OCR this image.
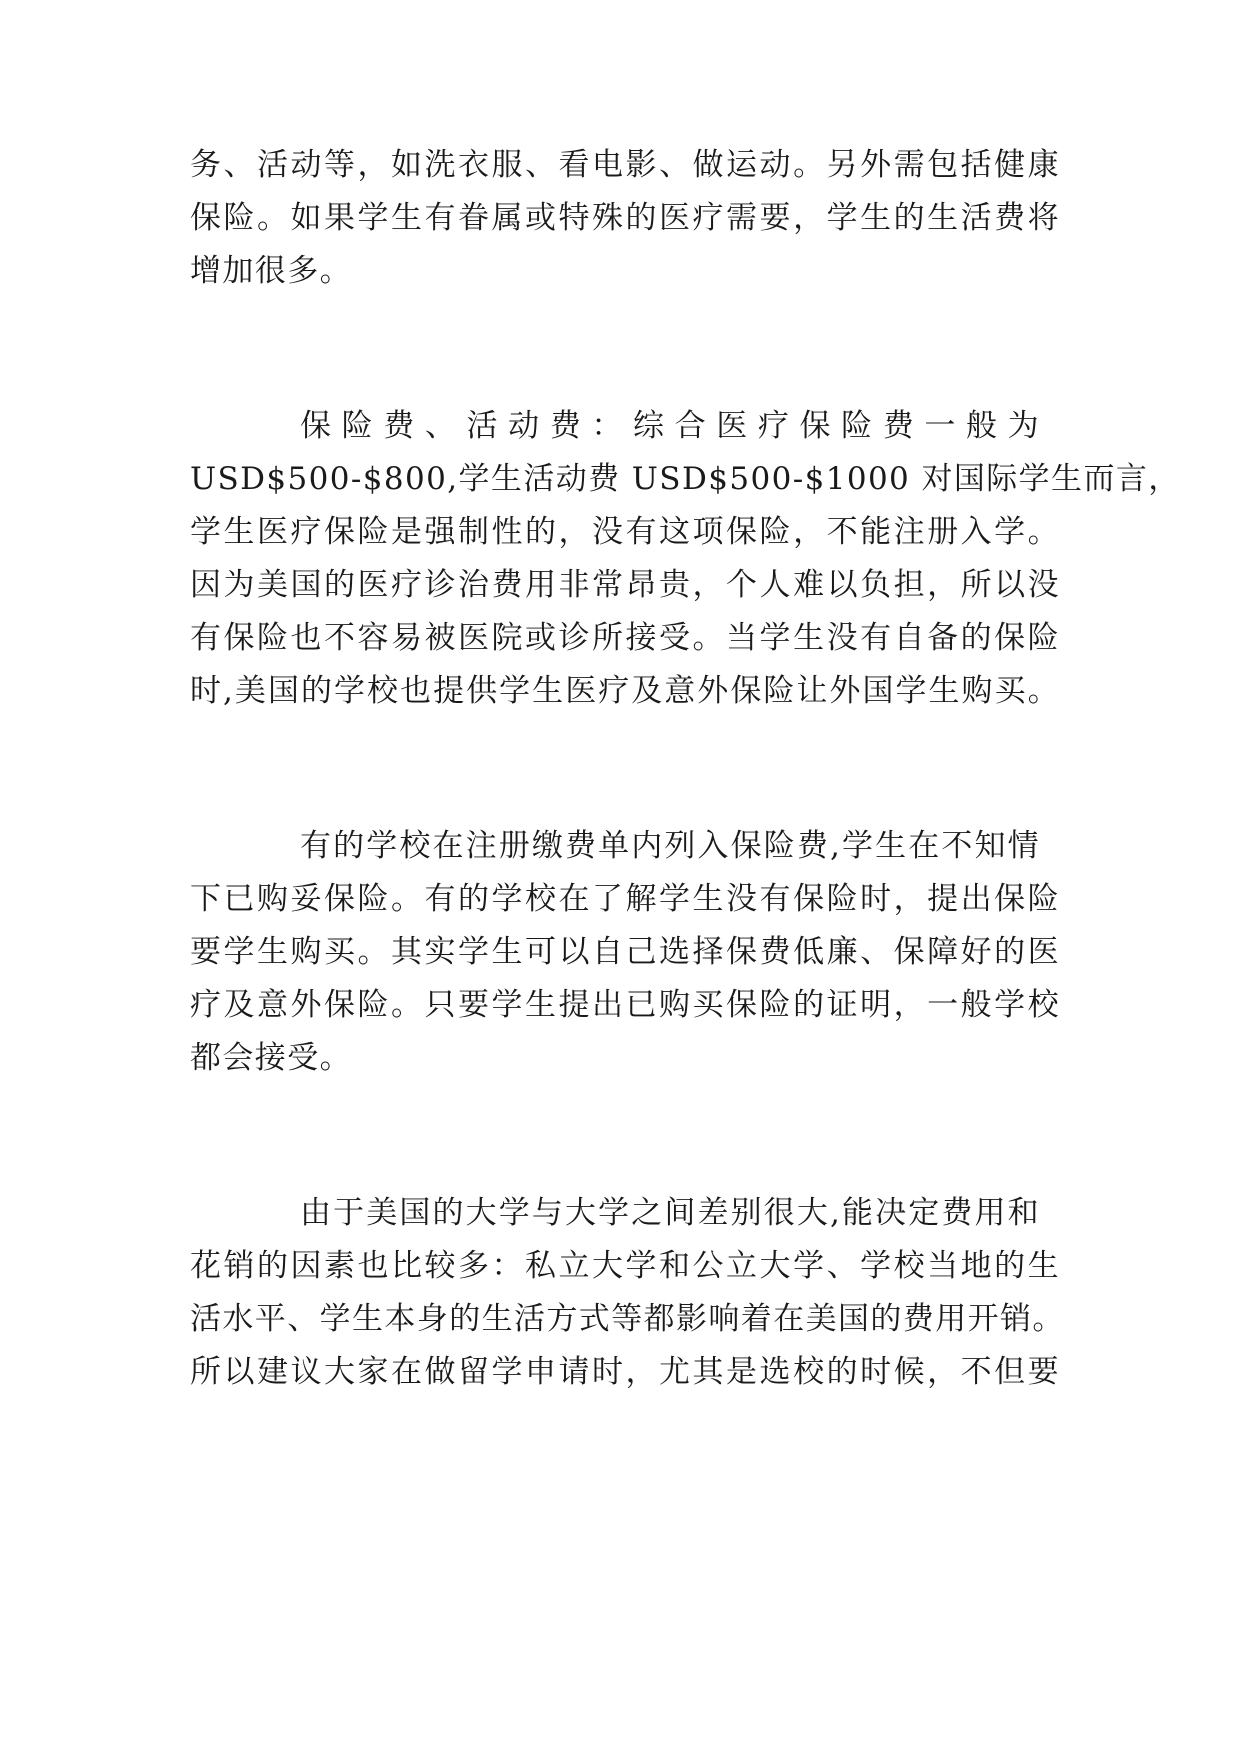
务、活动等，如洗衣服、看电影、做运动。另外需包括健康
保险。如果学生有眷属或特殊的医疗需要，学生的生活费将
增加很多。
保险费、活动费：综合医疗保险费一般为
USD$500-$800,学生活动费 USD$500-$1000 对国际学生而言，
学生医疗保险是强制性的，没有这项保险，不能注册入学。
因为美国的医疗诊治费用非常昂贵，个人难以负担，所以没
有保险也不容易被医院或诊所接受。当学生没有自备的保险
时,美国的学校也提供学生医疗及意外保险让外国学生购买。
有的学校在注册缴费单内列入保险费,学生在不知情
下已购妥保险。有的学校在了解学生没有保险时，提出保险
要学生购买。其实学生可以自己选择保费低廉、保障好的医
疗及意外保险。只要学生提出已购买保险的证明，一般学校
都会接受。
由于美国的大学与大学之间差别很大,能决定费用和
花销的因素也比较多：私立大学和公立大学、学校当地的生
活水平、学生本身的生活方式等都影响着在美国的费用开销。
所以建议大家在做留学申请时，尤其是选校的时候，不但要
